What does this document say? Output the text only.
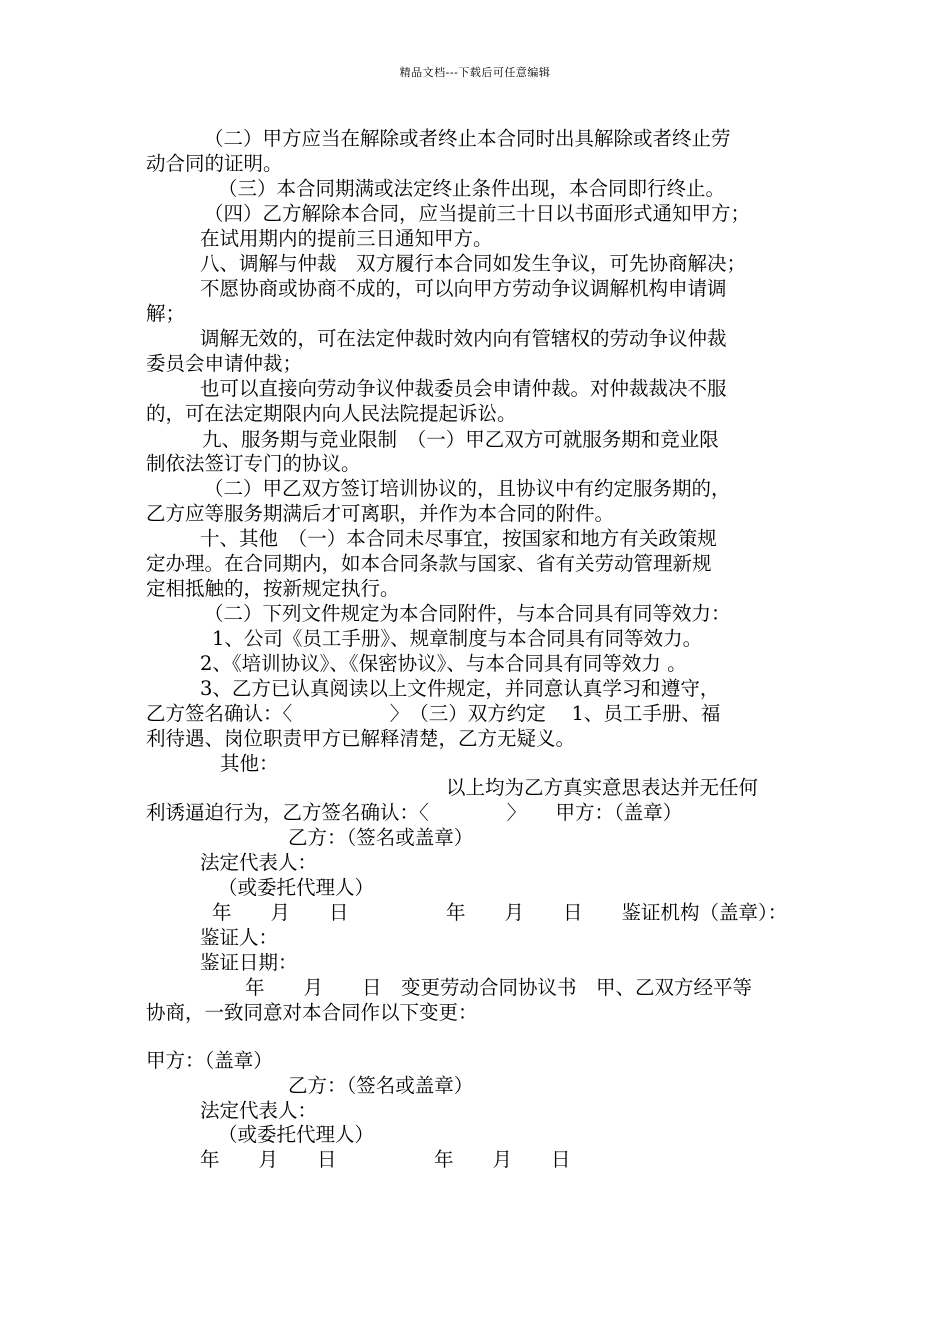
精品文档---下载后可任意编辑
（二）甲方应当在解除或者终止本合同时出具解除或者终止劳
动合同的证明。
（三）本合同期满或法定终止条件出现，本合同即行终止。
（四）乙方解除本合同，应当提前三十日以书面形式通知甲方；
在试用期内的提前三日通知甲方。
八、调解与仲裁　双方履行本合同如发生争议，可先协商解决；
不愿协商或协商不成的，可以向甲方劳动争议调解机构申请调
解；
调解无效的，可在法定仲裁时效内向有管辖权的劳动争议仲裁
委员会申请仲裁；
也可以直接向劳动争议仲裁委员会申请仲裁。对仲裁裁决不服
的，可在法定期限内向人民法院提起诉讼。
九、服务期与竞业限制　（一）甲乙双方可就服务期和竞业限
制依法签订专门的协议。
（二）甲乙双方签订培训协议的，且协议中有约定服务期的，
乙方应等服务期满后才可离职，并作为本合同的附件。
十、其他　（一）本合同未尽事宜，按国家和地方有关政策规
定办理。在合同期内，如本合同条款与国家、省有关劳动管理新规
定相抵触的，按新规定执行。
（二）下列文件规定为本合同附件，与本合同具有同等效力：
1、公司《员工手册》、规章制度与本合同具有同等效力。
2、《培训协议》、《保密协议》、与本合同具有同等效力 。
3、乙方已认真阅读以上文件规定，并同意认真学习和遵守，
乙方签名确认：〈　　　　　〉　（三）双方约定　 1、员工手册、福
利待遇、岗位职责甲方已解释清楚，乙方无疑义。
其他：
以上均为乙方真实意思表达并无任何
利诱逼迫行为，乙方签名确认：〈　　　　〉　　甲方：（盖章）
乙方：（签名或盖章）
法定代表人：
（或委托代理人）
年　　月　　日　　　　　年　　月　　日　　鉴证机构（盖章）：
鉴证人：
鉴证日期：
年　　月　　日　变更劳动合同协议书　甲、乙双方经平等
协商，一致同意对本合同作以下变更：
甲方：（盖章）
乙方：（签名或盖章）
法定代表人：
（或委托代理人）
年　　月　　日　　　　　年　　月　　日
